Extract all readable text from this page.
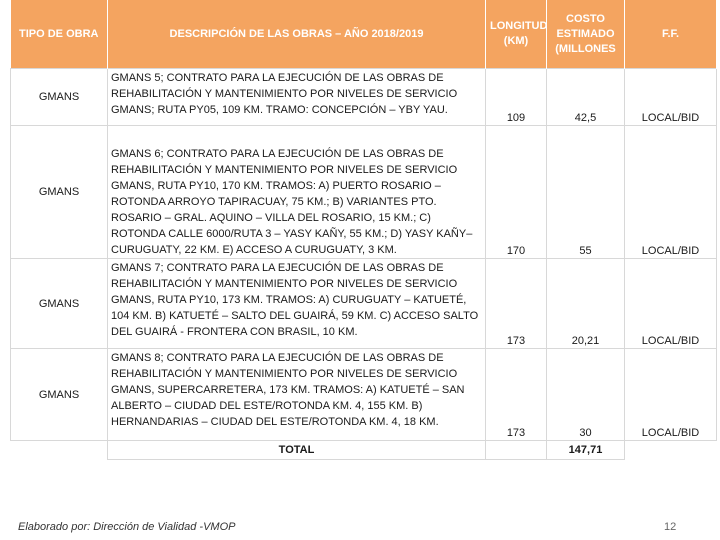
TIPO DE OBRA	DESCRIPCIÓN DE LAS OBRAS – AÑO 2018/2019	LONGITUD (KM)	COSTO ESTIMADO (MILLONES	F.F.
GMANS	GMANS 5; CONTRATO PARA LA EJECUCIÓN DE LAS OBRAS DE REHABILITACIÓN Y MANTENIMIENTO POR NIVELES DE SERVICIO GMANS; RUTA PY05, 109 KM. TRAMO: CONCEPCIÓN – YBY YAU.	109	42,5	LOCAL/BID
GMANS	GMANS 6; CONTRATO PARA LA EJECUCIÓN DE LAS OBRAS DE REHABILITACIÓN Y MANTENIMIENTO POR NIVELES DE SERVICIO GMANS, RUTA PY10, 170 KM. TRAMOS: A) PUERTO ROSARIO – ROTONDA ARROYO TAPIRACUAY, 75 KM.; B) VARIANTES PTO. ROSARIO – GRAL. AQUINO – VILLA DEL ROSARIO, 15 KM.; C) ROTONDA CALLE 6000/RUTA 3 – YASY KAÑY, 55 KM.; D) YASY KAÑY– CURUGUATY, 22 KM. E) ACCESO A CURUGUATY, 3 KM.	170	55	LOCAL/BID
GMANS	GMANS 7; CONTRATO PARA LA EJECUCIÓN DE LAS OBRAS DE REHABILITACIÓN Y MANTENIMIENTO POR NIVELES DE SERVICIO GMANS, RUTA PY10, 173 KM. TRAMOS: A) CURUGUATY – KATUETÉ, 104 KM. B) KATUETÉ – SALTO DEL GUAIRÁ, 59 KM. C) ACCESO SALTO DEL GUAIRÁ - FRONTERA CON BRASIL, 10 KM.	173	20,21	LOCAL/BID
GMANS	GMANS 8; CONTRATO PARA LA EJECUCIÓN DE LAS OBRAS DE REHABILITACIÓN Y MANTENIMIENTO POR NIVELES DE SERVICIO GMANS, SUPERCARRETERA, 173 KM. TRAMOS: A) KATUETÉ – SAN ALBERTO – CIUDAD DEL ESTE/ROTONDA KM. 4, 155 KM. B) HERNANDARIAS – CIUDAD DEL ESTE/ROTONDA KM. 4, 18 KM.	173	30	LOCAL/BID
	TOTAL		147,71	
Elaborado por: Dirección de Vialidad -VMOP	12
